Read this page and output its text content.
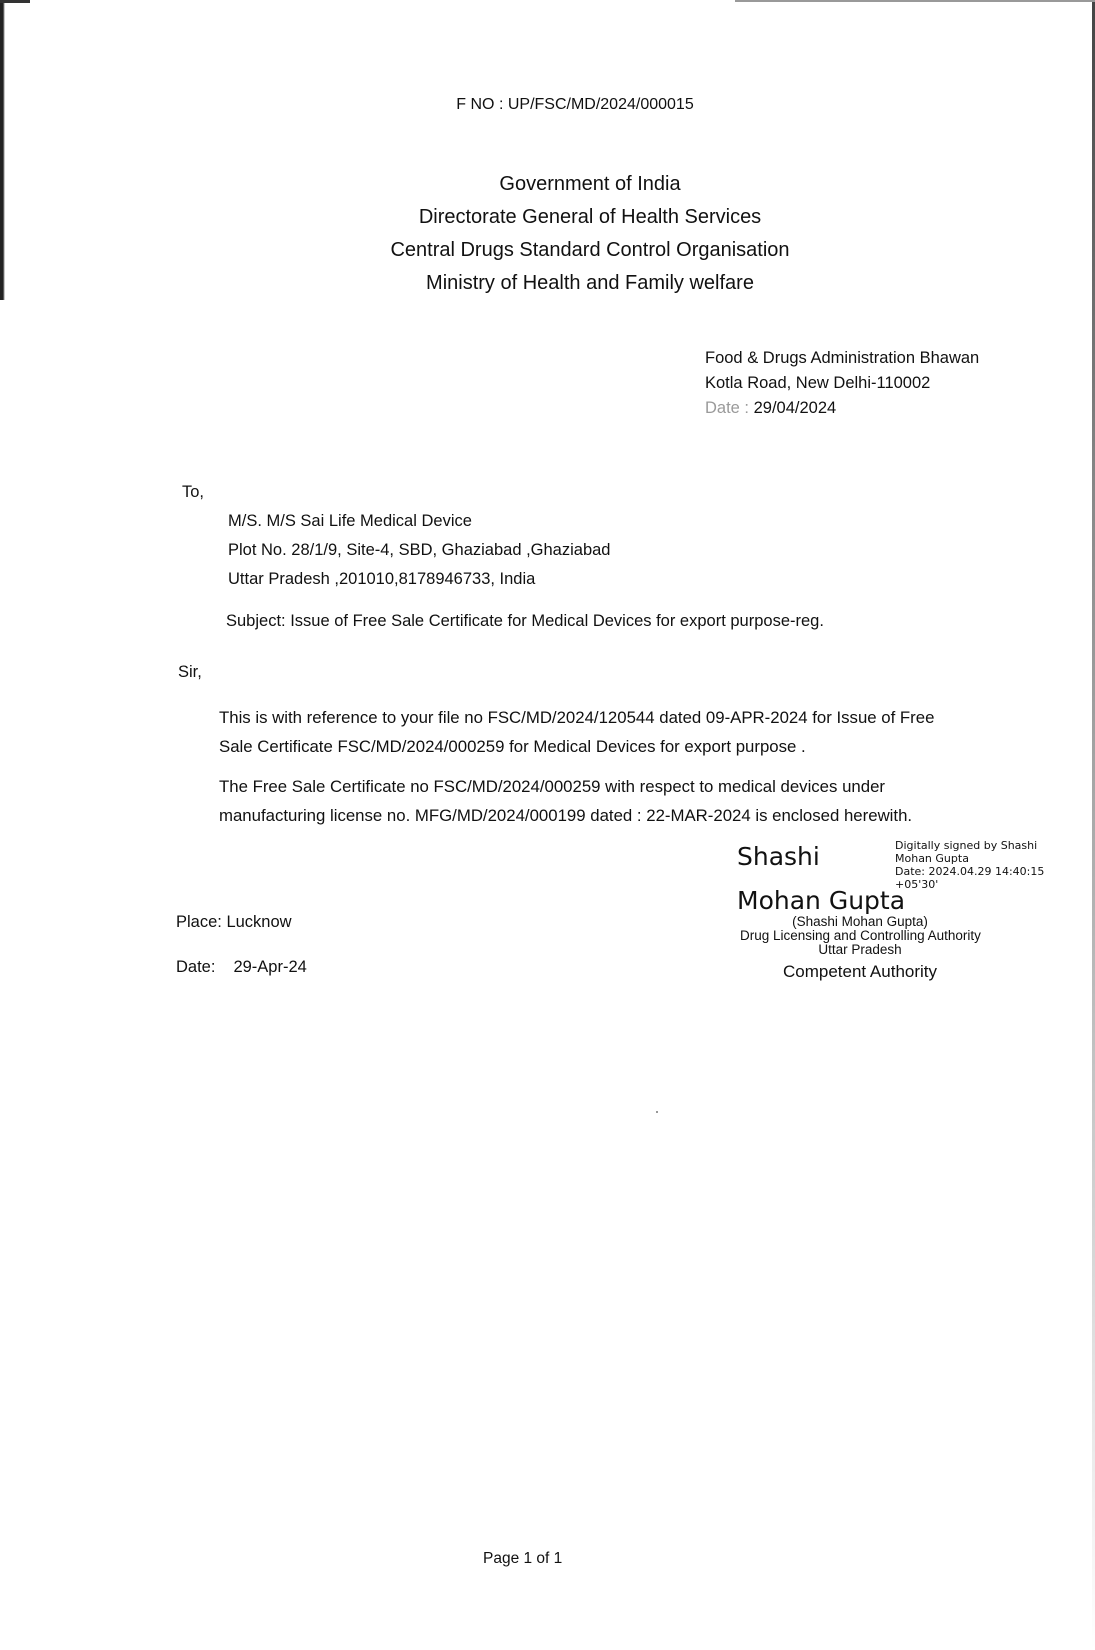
F NO : UP/FSC/MD/2024/000015
Government of India
Directorate General of Health Services
Central Drugs Standard Control Organisation
Ministry of Health and Family welfare
Food & Drugs Administration Bhawan
Kotla Road, New Delhi-110002
Date : 29/04/2024
To,
M/S. M/S Sai Life Medical Device
Plot No. 28/1/9, Site-4, SBD, Ghaziabad ,Ghaziabad
Uttar Pradesh ,201010,8178946733, India
Subject: Issue of Free Sale Certificate for Medical Devices for export purpose-reg.
Sir,
This is with reference to your file no FSC/MD/2024/120544 dated 09-APR-2024 for Issue of Free
Sale Certificate FSC/MD/2024/000259 for Medical Devices for export purpose .
The Free Sale Certificate no FSC/MD/2024/000259 with respect to medical devices under
manufacturing license no. MFG/MD/2024/000199 dated : 22-MAR-2024 is enclosed herewith.
Shashi
Mohan Gupta
Digitally signed by Shashi
Mohan Gupta
Date: 2024.04.29 14:40:15
+05'30'
(Shashi Mohan Gupta)
Drug Licensing and Controlling Authority
Uttar Pradesh
Competent Authority
Place: Lucknow
Date: 29-Apr-24
Page 1 of 1
